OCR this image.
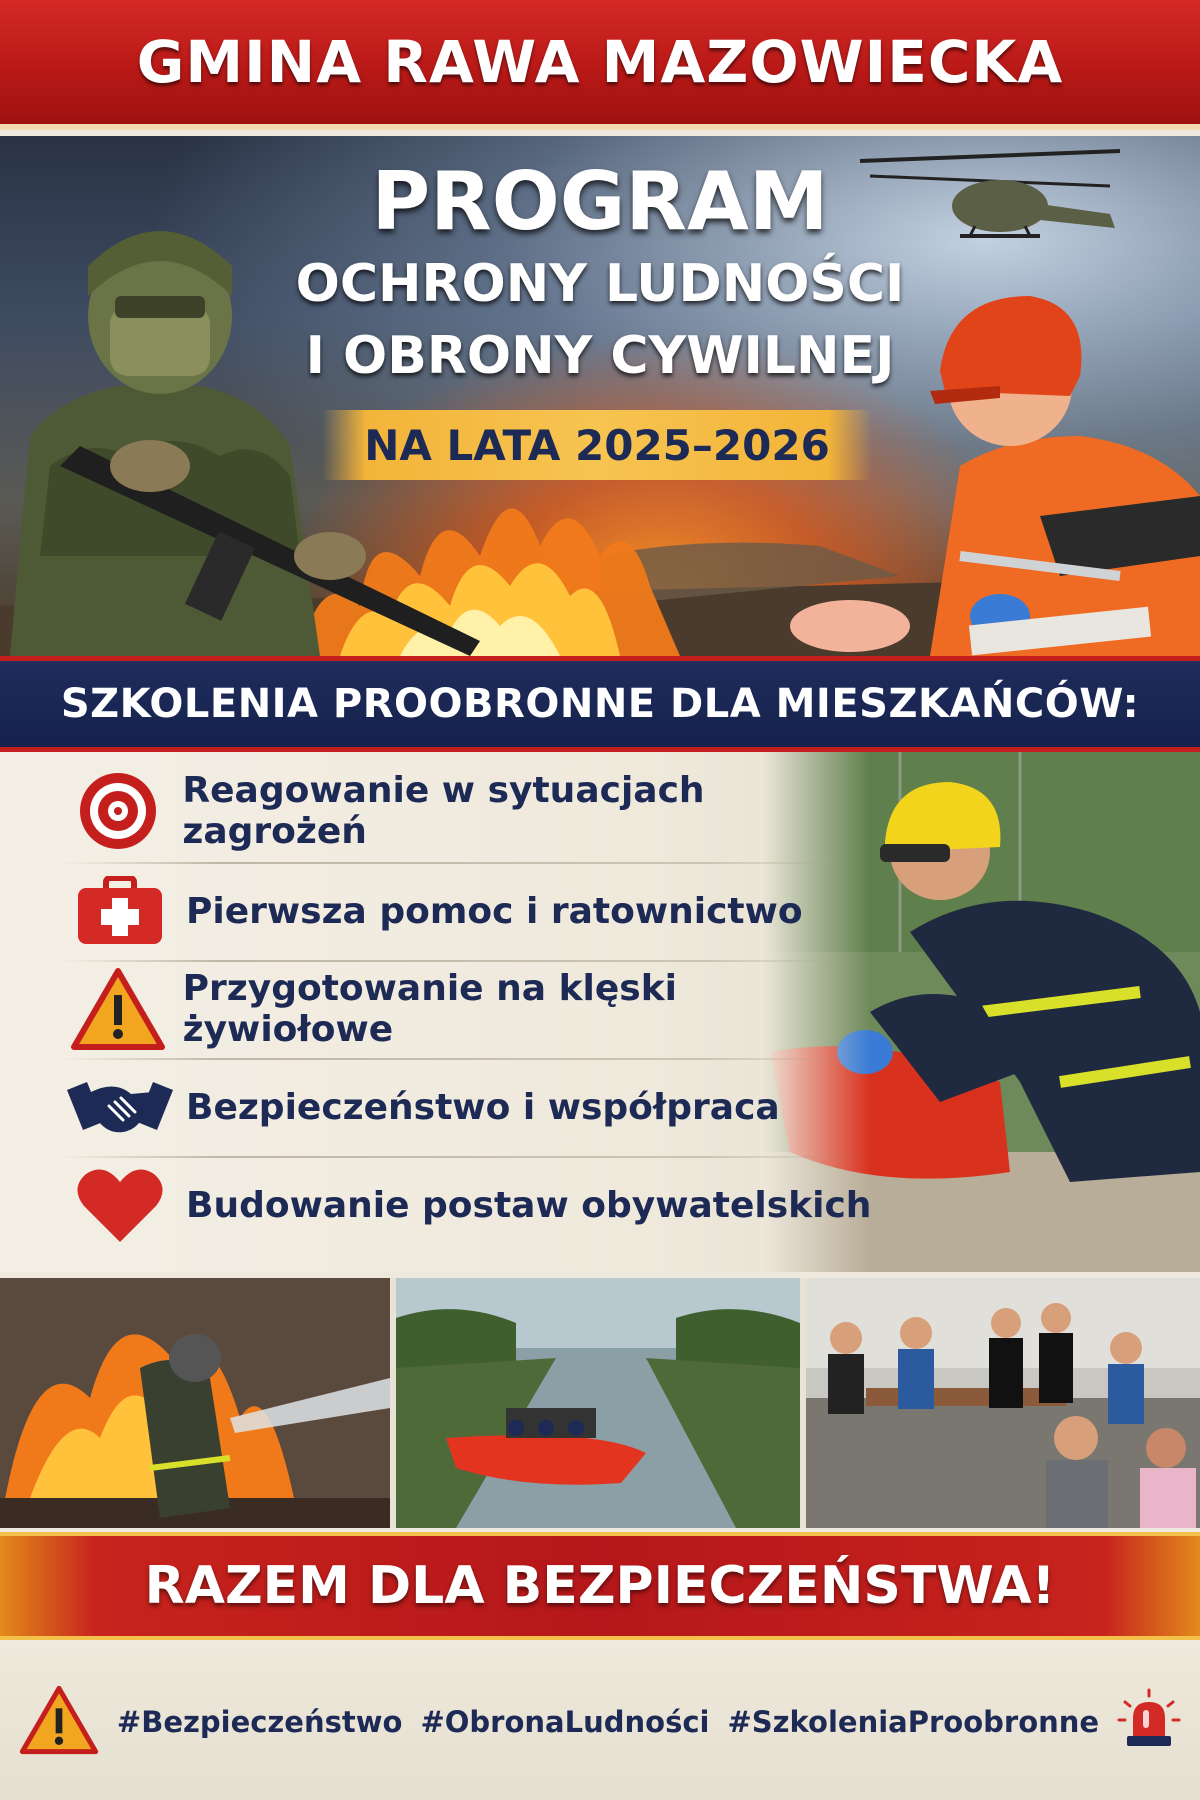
GMINA RAWA MAZOWIECKA
PROGRAM
OCHRONY LUDNOŚCI
I OBRONY CYWILNEJ
NA LATA 2025–2026
SZKOLENIA PROOBRONNE DLA MIESZKAŃCÓW:
Reagowanie w sytuacjach zagrożeń
Pierwsza pomoc i ratownictwo
Przygotowanie na klęski żywiołowe
Bezpieczeństwo i współpraca
Budowanie postaw obywatelskich
RAZEM DLA BEZPIECZEŃSTWA!
#Bezpieczeństwo #ObronaLudności #SzkoleniaProobronne
